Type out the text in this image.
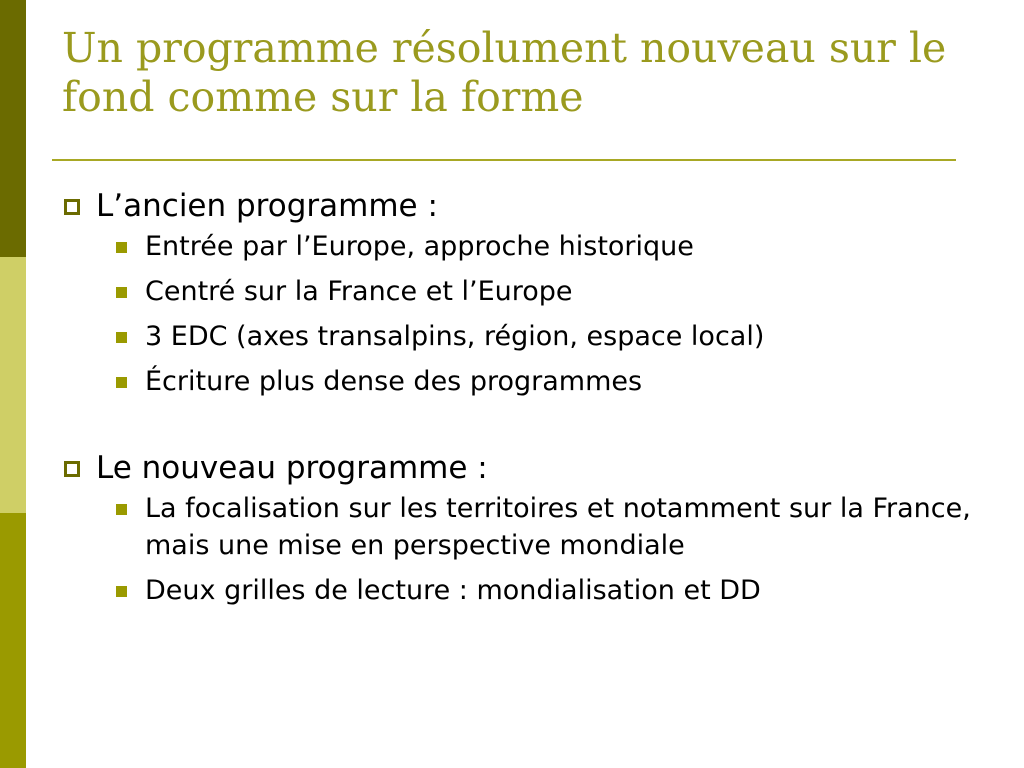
Un programme résolument nouveau sur le fond comme sur la forme
L’ancien programme :
Entrée par l’Europe, approche historique
Centré sur la France et l’Europe
3 EDC (axes transalpins, région, espace local)
Écriture plus dense des programmes
Le nouveau programme :
La focalisation sur les territoires et notamment sur la France, mais une mise en perspective mondiale
Deux grilles de lecture : mondialisation et DD
